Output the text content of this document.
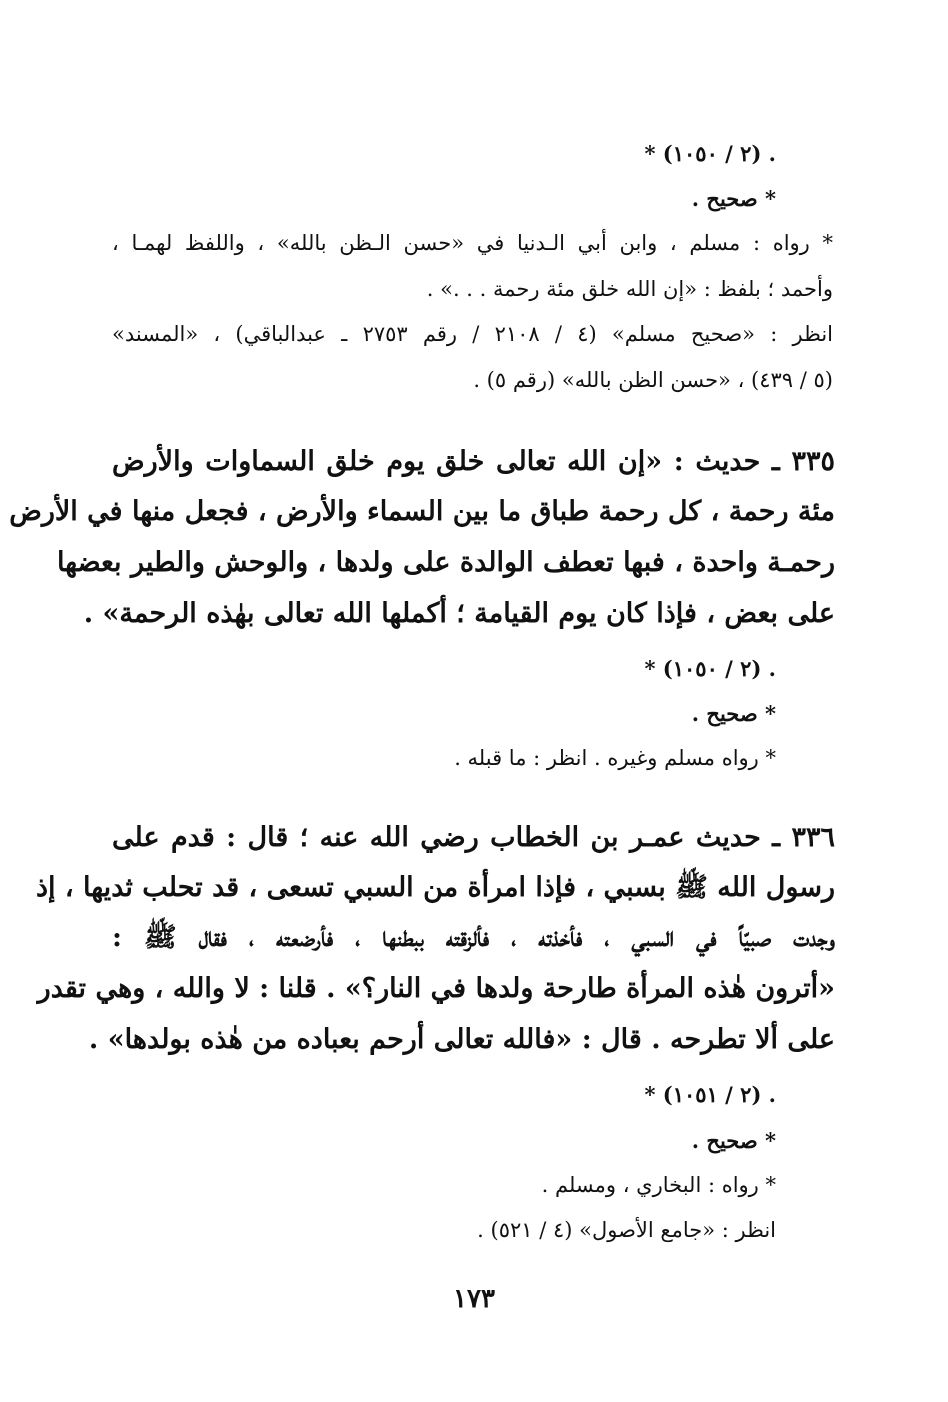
* (٢ / ١٠٥٠) .
* صحيح .
* رواه : مسلم ، وابن أبي الـدنيا في «حسن الـظن بالله» ، واللفظ لهمـا ،
وأحمد ؛ بلفظ : «إن الله خلق مئة رحمة . . .» .
انظر : «صحيح مسلم» (٤ / ٢١٠٨ / رقم ٢٧٥٣ ـ عبدالباقي) ، «المسند»
(٥ / ٤٣٩) ، «حسن الظن بالله» (رقم ٥) .
٣٣٥ ـ حديث : «إن الله تعالى خلق يوم خلق السماوات والأرض
مئة رحمة ، كل رحمة طباق ما بين السماء والأرض ، فجعل منها في الأرض
رحمـة واحدة ، فبها تعطف الوالدة على ولدها ، والوحش والطير بعضها
على بعض ، فإذا كان يوم القيامة ؛ أكملها الله تعالى بهٰذه الرحمة» .
* (٢ / ١٠٥٠) .
* صحيح .
* رواه مسلم وغيره . انظر : ما قبله .
٣٣٦ ـ حديث عمـر بن الخطاب رضي الله عنه ؛ قال : قدم على
رسول الله ﷺ بسبي ، فإذا امرأة من السبي تسعى ، قد تحلب ثديها ، إذ
وجدت صبيّاً في السبي ، فأخذته ، فألزقته ببطنها ، فأرضعته ، فقال ﷺ :
«أترون هٰذه المرأة طارحة ولدها في النار؟» . قلنا : لا والله ، وهي تقدر
على ألا تطرحه . قال : «فالله تعالى أرحم بعباده من هٰذه بولدها» .
* (٢ / ١٠٥١) .
* صحيح .
* رواه : البخاري ، ومسلم .
انظر : «جامع الأصول» (٤ / ٥٢١) .
١٧٣
